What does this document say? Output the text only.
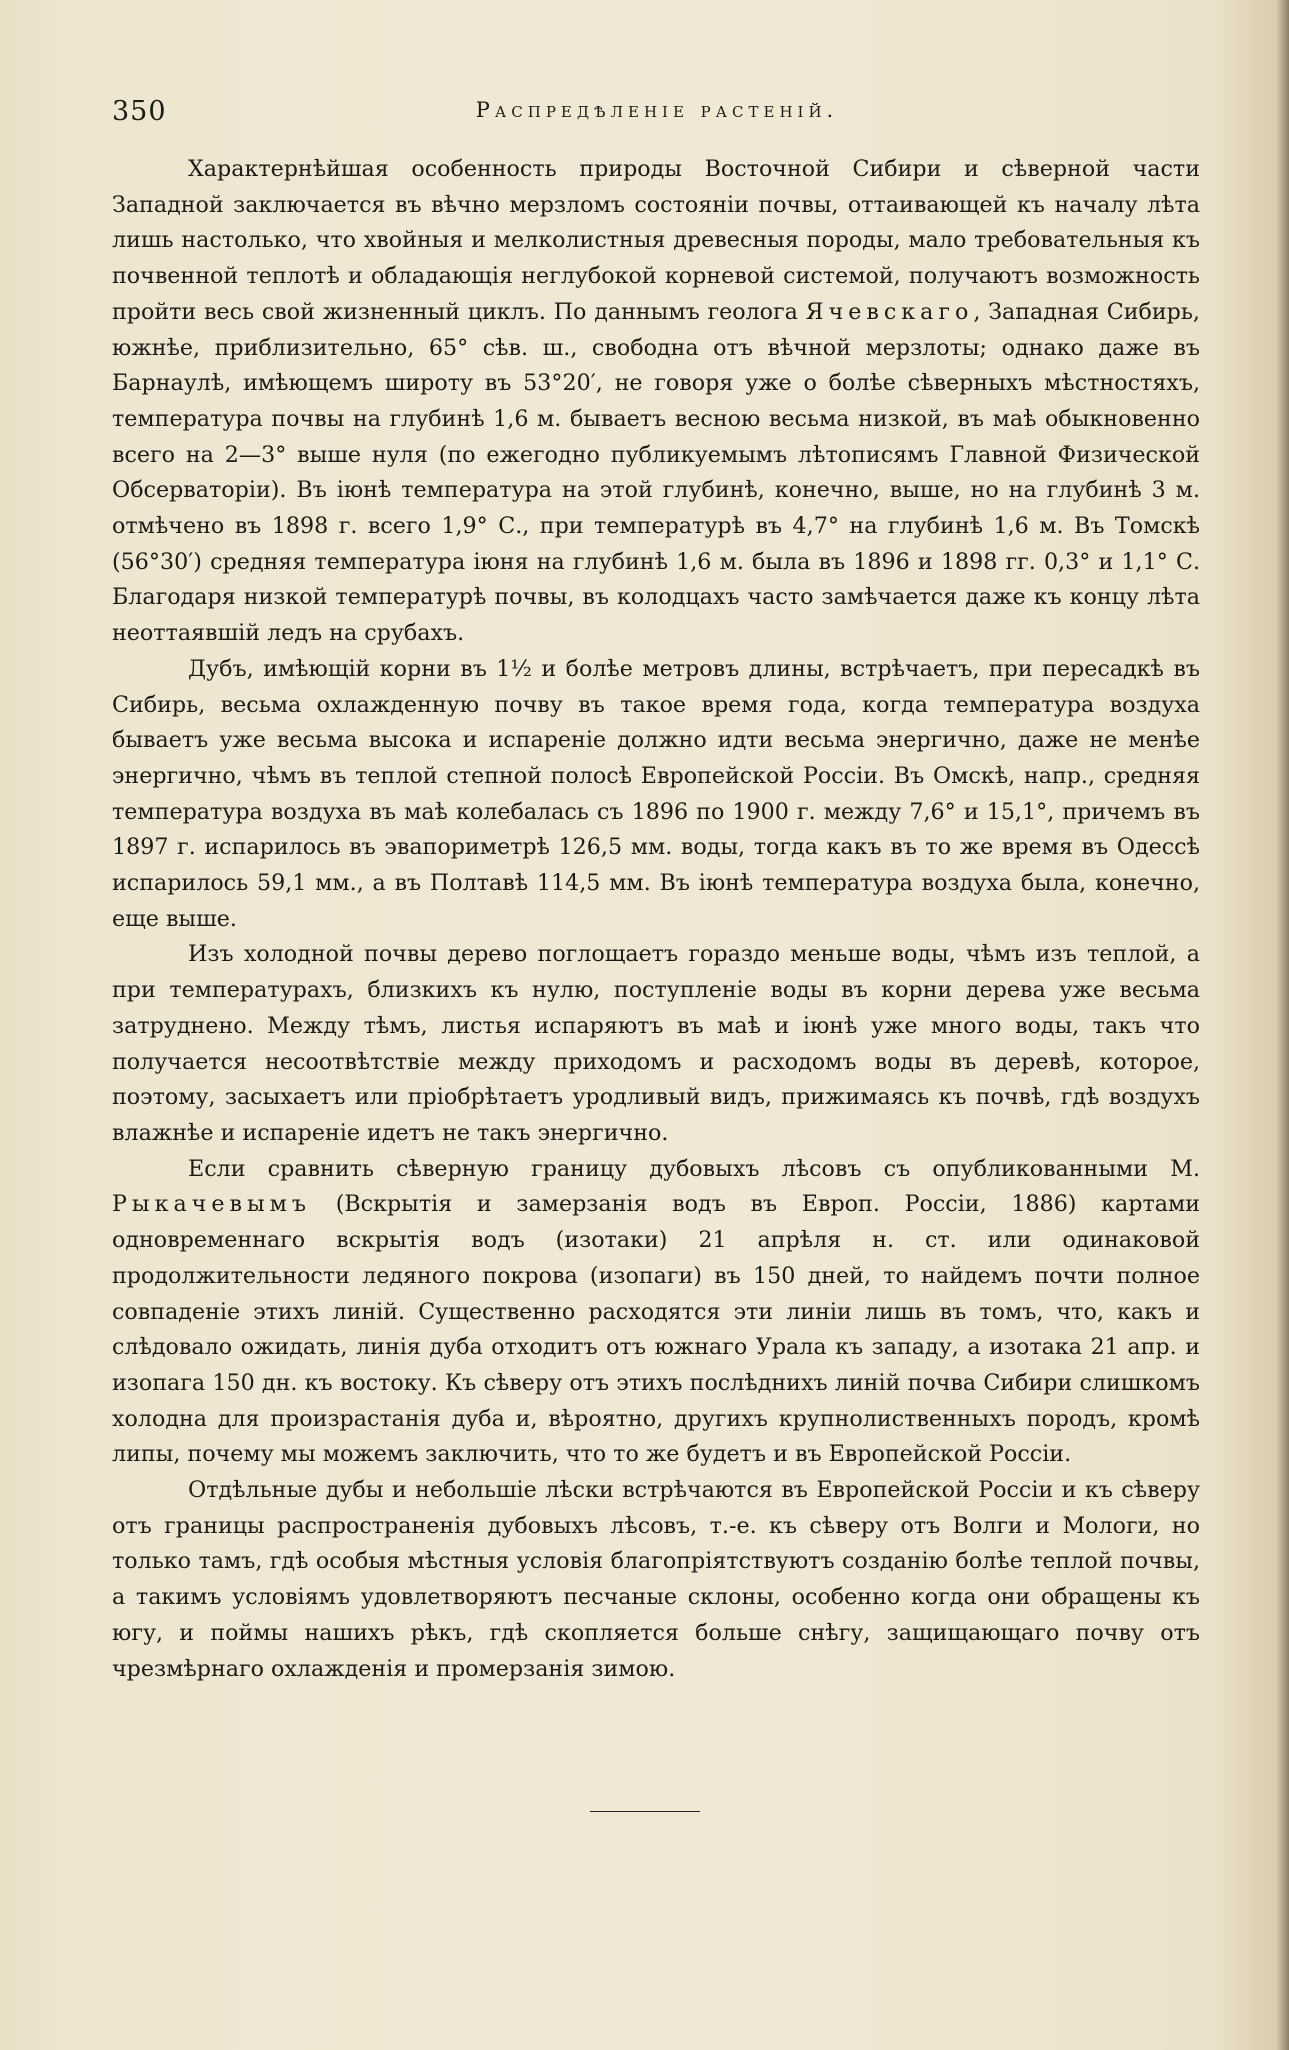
350	Распредѣленіе растеній.

Характернѣйшая особенность природы Восточной Сибири и сѣверной части Западной заключается въ вѣчно мерзломъ состояніи почвы, оттаивающей къ началу лѣта лишь настолько, что хвойныя и мелколистныя древесныя породы, мало требовательныя къ почвенной теплотѣ и обладающія неглубокой корневой системой, получаютъ возможность пройти весь свой жизненный циклъ. По даннымъ геолога Ячевскаго, Западная Сибирь, южнѣе, приблизительно, 65° сѣв. ш., свободна отъ вѣчной мерзлоты; однако даже въ Барнаулѣ, имѣющемъ широту въ 53°20′, не говоря уже о болѣе сѣверныхъ мѣстностяхъ, температура почвы на глубинѣ 1,6 м. бываетъ весною весьма низкой, въ маѣ обыкновенно всего на 2—3° выше нуля (по ежегодно публикуемымъ лѣтописямъ Главной Физической Обсерваторіи). Въ іюнѣ температура на этой глубинѣ, конечно, выше, но на глубинѣ 3 м. отмѣчено въ 1898 г. всего 1,9° С., при температурѣ въ 4,7° на глубинѣ 1,6 м. Въ Томскѣ (56°30′) средняя температура іюня на глубинѣ 1,6 м. была въ 1896 и 1898 гг. 0,3° и 1,1° С. Благодаря низкой температурѣ почвы, въ колодцахъ часто замѣчается даже къ концу лѣта неоттаявшій ледъ на срубахъ.

Дубъ, имѣющій корни въ 1½ и болѣе метровъ длины, встрѣчаетъ, при пересадкѣ въ Сибирь, весьма охлажденную почву въ такое время года, когда температура воздуха бываетъ уже весьма высока и испареніе должно идти весьма энергично, даже не менѣе энергично, чѣмъ въ теплой степной полосѣ Европейской Россіи. Въ Омскѣ, напр., средняя температура воздуха въ маѣ колебалась съ 1896 по 1900 г. между 7,6° и 15,1°, причемъ въ 1897 г. испарилось въ эвапориметрѣ 126,5 мм. воды, тогда какъ въ то же время въ Одессѣ испарилось 59,1 мм., а въ Полтавѣ 114,5 мм. Въ іюнѣ температура воздуха была, конечно, еще выше.

Изъ холодной почвы дерево поглощаетъ гораздо меньше воды, чѣмъ изъ теплой, а при температурахъ, близкихъ къ нулю, поступленіе воды въ корни дерева уже весьма затруднено. Между тѣмъ, листья испаряютъ въ маѣ и іюнѣ уже много воды, такъ что получается несоотвѣтствіе между приходомъ и расходомъ воды въ деревѣ, которое, поэтому, засыхаетъ или пріобрѣтаетъ уродливый видъ, прижимаясь къ почвѣ, гдѣ воздухъ влажнѣе и испареніе идетъ не такъ энергично.

Если сравнить сѣверную границу дубовыхъ лѣсовъ съ опубликованными М. Рыкачевымъ (Вскрытія и замерзанія водъ въ Европ. Россіи, 1886) картами одновременнаго вскрытія водъ (изотаки) 21 апрѣля н. ст. или одинаковой продолжительности ледяного покрова (изопаги) въ 150 дней, то найдемъ почти полное совпаденіе этихъ линій. Существенно расходятся эти линіи лишь въ томъ, что, какъ и слѣдовало ожидать, линія дуба отходитъ отъ южнаго Урала къ западу, а изотака 21 апр. и изопага 150 дн. къ востоку. Къ сѣверу отъ этихъ послѣднихъ линій почва Сибири слишкомъ холодна для произрастанія дуба и, вѣроятно, другихъ крупнолиственныхъ породъ, кромѣ липы, почему мы можемъ заключить, что то же будетъ и въ Европейской Россіи.

Отдѣльные дубы и небольшіе лѣски встрѣчаются въ Европейской Россіи и къ сѣверу отъ границы распространенія дубовыхъ лѣсовъ, т.-е. къ сѣверу отъ Волги и Мологи, но только тамъ, гдѣ особыя мѣстныя условія благопріятствуютъ созданію болѣе теплой почвы, а такимъ условіямъ удовлетворяютъ песчаные склоны, особенно когда они обращены къ югу, и поймы нашихъ рѣкъ, гдѣ скопляется больше снѣгу, защищающаго почву отъ чрезмѣрнаго охлажденія и промерзанія зимою.
